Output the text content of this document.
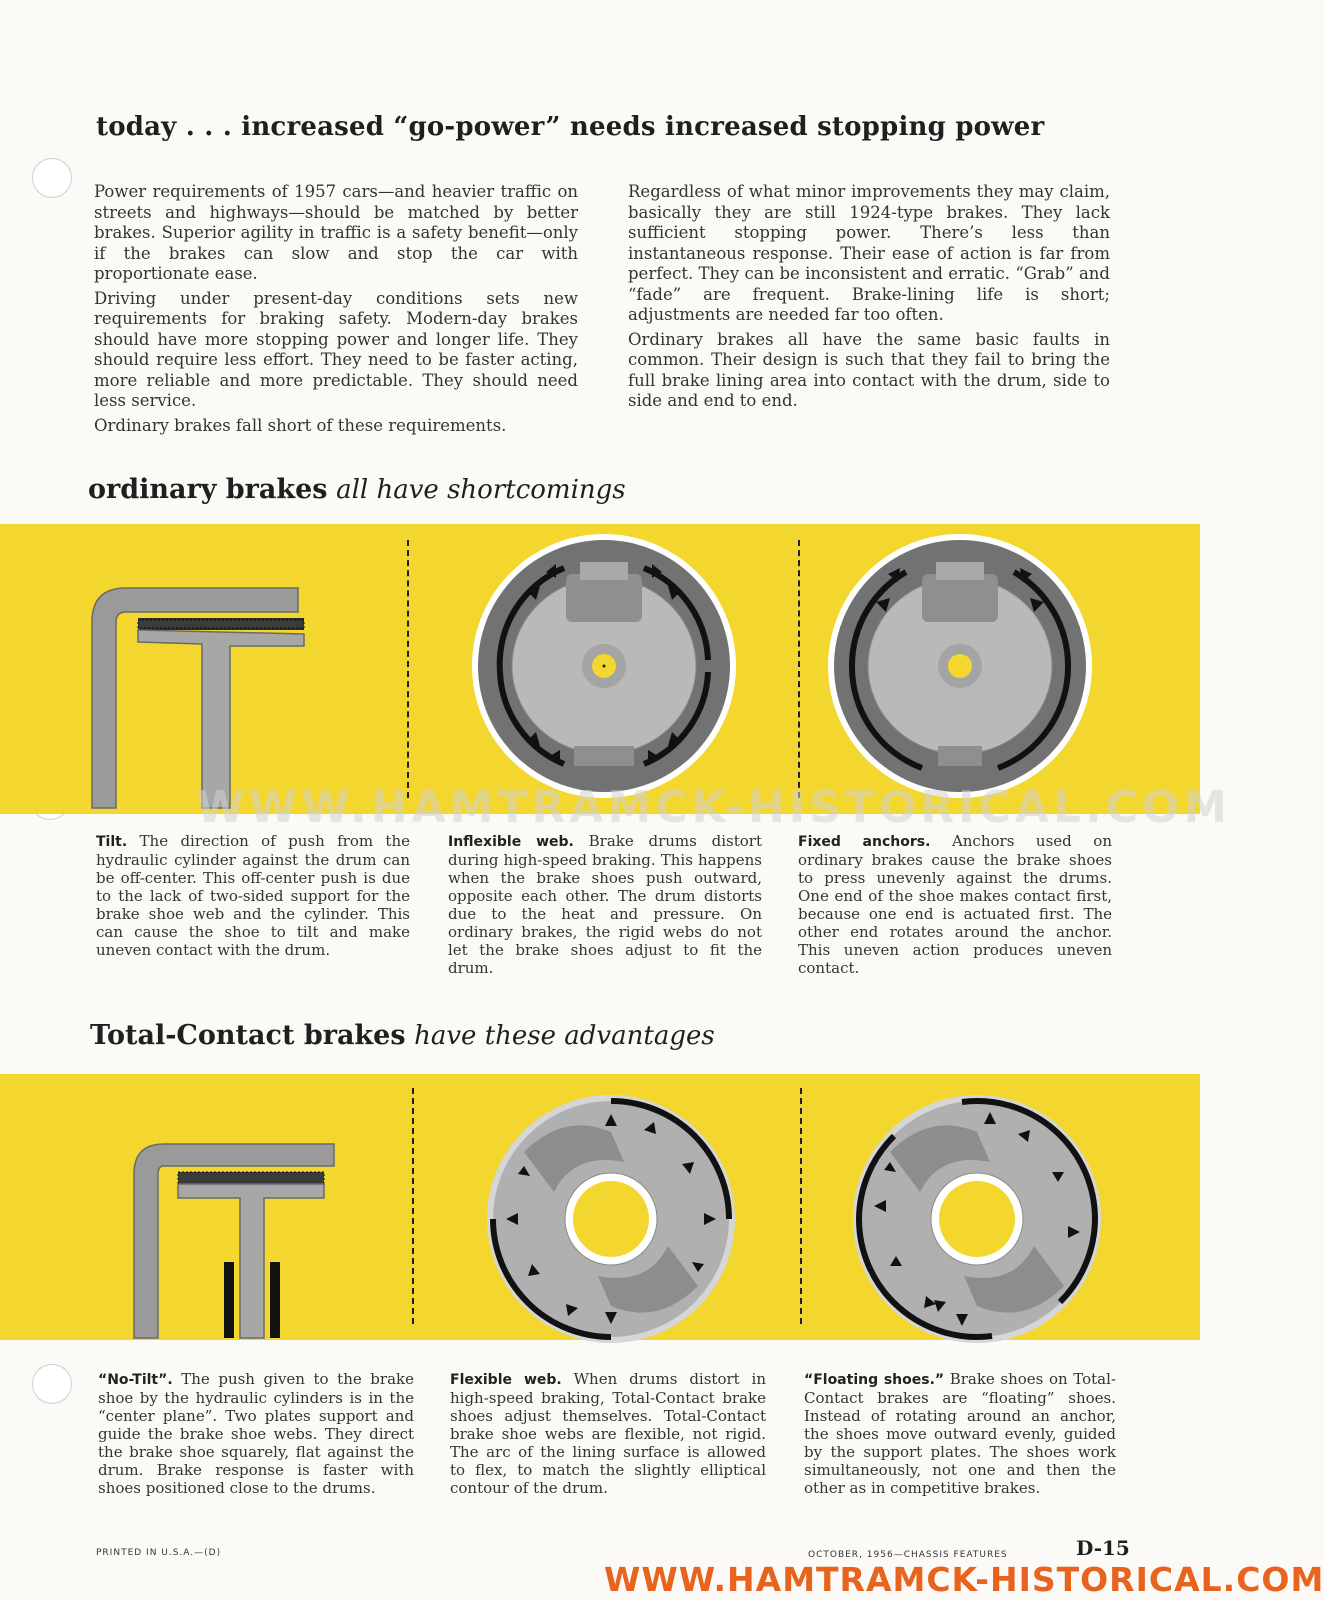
today . . . increased “go-power” needs increased stopping power

Power requirements of 1957 cars—and heavier traffic on streets and highways—should be matched by better brakes. Superior agility in traffic is a safety benefit—only if the brakes can slow and stop the car with proportionate ease.

Driving under present-day conditions sets new requirements for braking safety. Modern-day brakes should have more stopping power and longer life. They should require less effort. They need to be faster acting, more reliable and more predictable. They should need less service.

Ordinary brakes fall short of these requirements.

Regardless of what minor improvements they may claim, basically they are still 1924-type brakes. They lack sufficient stopping power. There’s less than instantaneous response. Their ease of action is far from perfect. They can be inconsistent and erratic. “Grab” and “fade” are frequent. Brake-lining life is short; adjustments are needed far too often.

Ordinary brakes all have the same basic faults in common. Their design is such that they fail to bring the full brake lining area into contact with the drum, side to side and end to end.

ordinary brakes all have shortcomings
Tilt. The direction of push from the hydraulic cylinder against the drum can be off-center. This off-center push is due to the lack of two-sided support for the brake shoe web and the cylinder. This can cause the shoe to tilt and make uneven contact with the drum.
Inflexible web. Brake drums distort during high-speed braking. This happens when the brake shoes push outward, opposite each other. The drum distorts due to the heat and pressure. On ordinary brakes, the rigid webs do not let the brake shoes adjust to fit the drum.
Fixed anchors. Anchors used on ordinary brakes cause the brake shoes to press unevenly against the drums. One end of the shoe makes contact first, because one end is actuated first. The other end rotates around the anchor. This uneven action produces uneven contact.
WWW.HAMTRAMCK-HISTORICAL.COM
Total-Contact brakes have these advantages
“No-Tilt”. The push given to the brake shoe by the hydraulic cylinders is in the “center plane”. Two plates support and guide the brake shoe webs. They direct the brake shoe squarely, flat against the drum. Brake response is faster with shoes positioned close to the drums.
Flexible web. When drums distort in high-speed braking, Total-Contact brake shoes adjust themselves. Total-Contact brake shoe webs are flexible, not rigid. The arc of the lining surface is allowed to flex, to match the slightly elliptical contour of the drum.
“Floating shoes.” Brake shoes on Total-Contact brakes are “floating” shoes. Instead of rotating around an anchor, the shoes move outward evenly, guided by the support plates. The shoes work simultaneously, not one and then the other as in competitive brakes.
PRINTED IN U.S.A.—(D)	OCTOBER, 1956—CHASSIS FEATURES	D-15
WWW.HAMTRAMCK-HISTORICAL.COM
